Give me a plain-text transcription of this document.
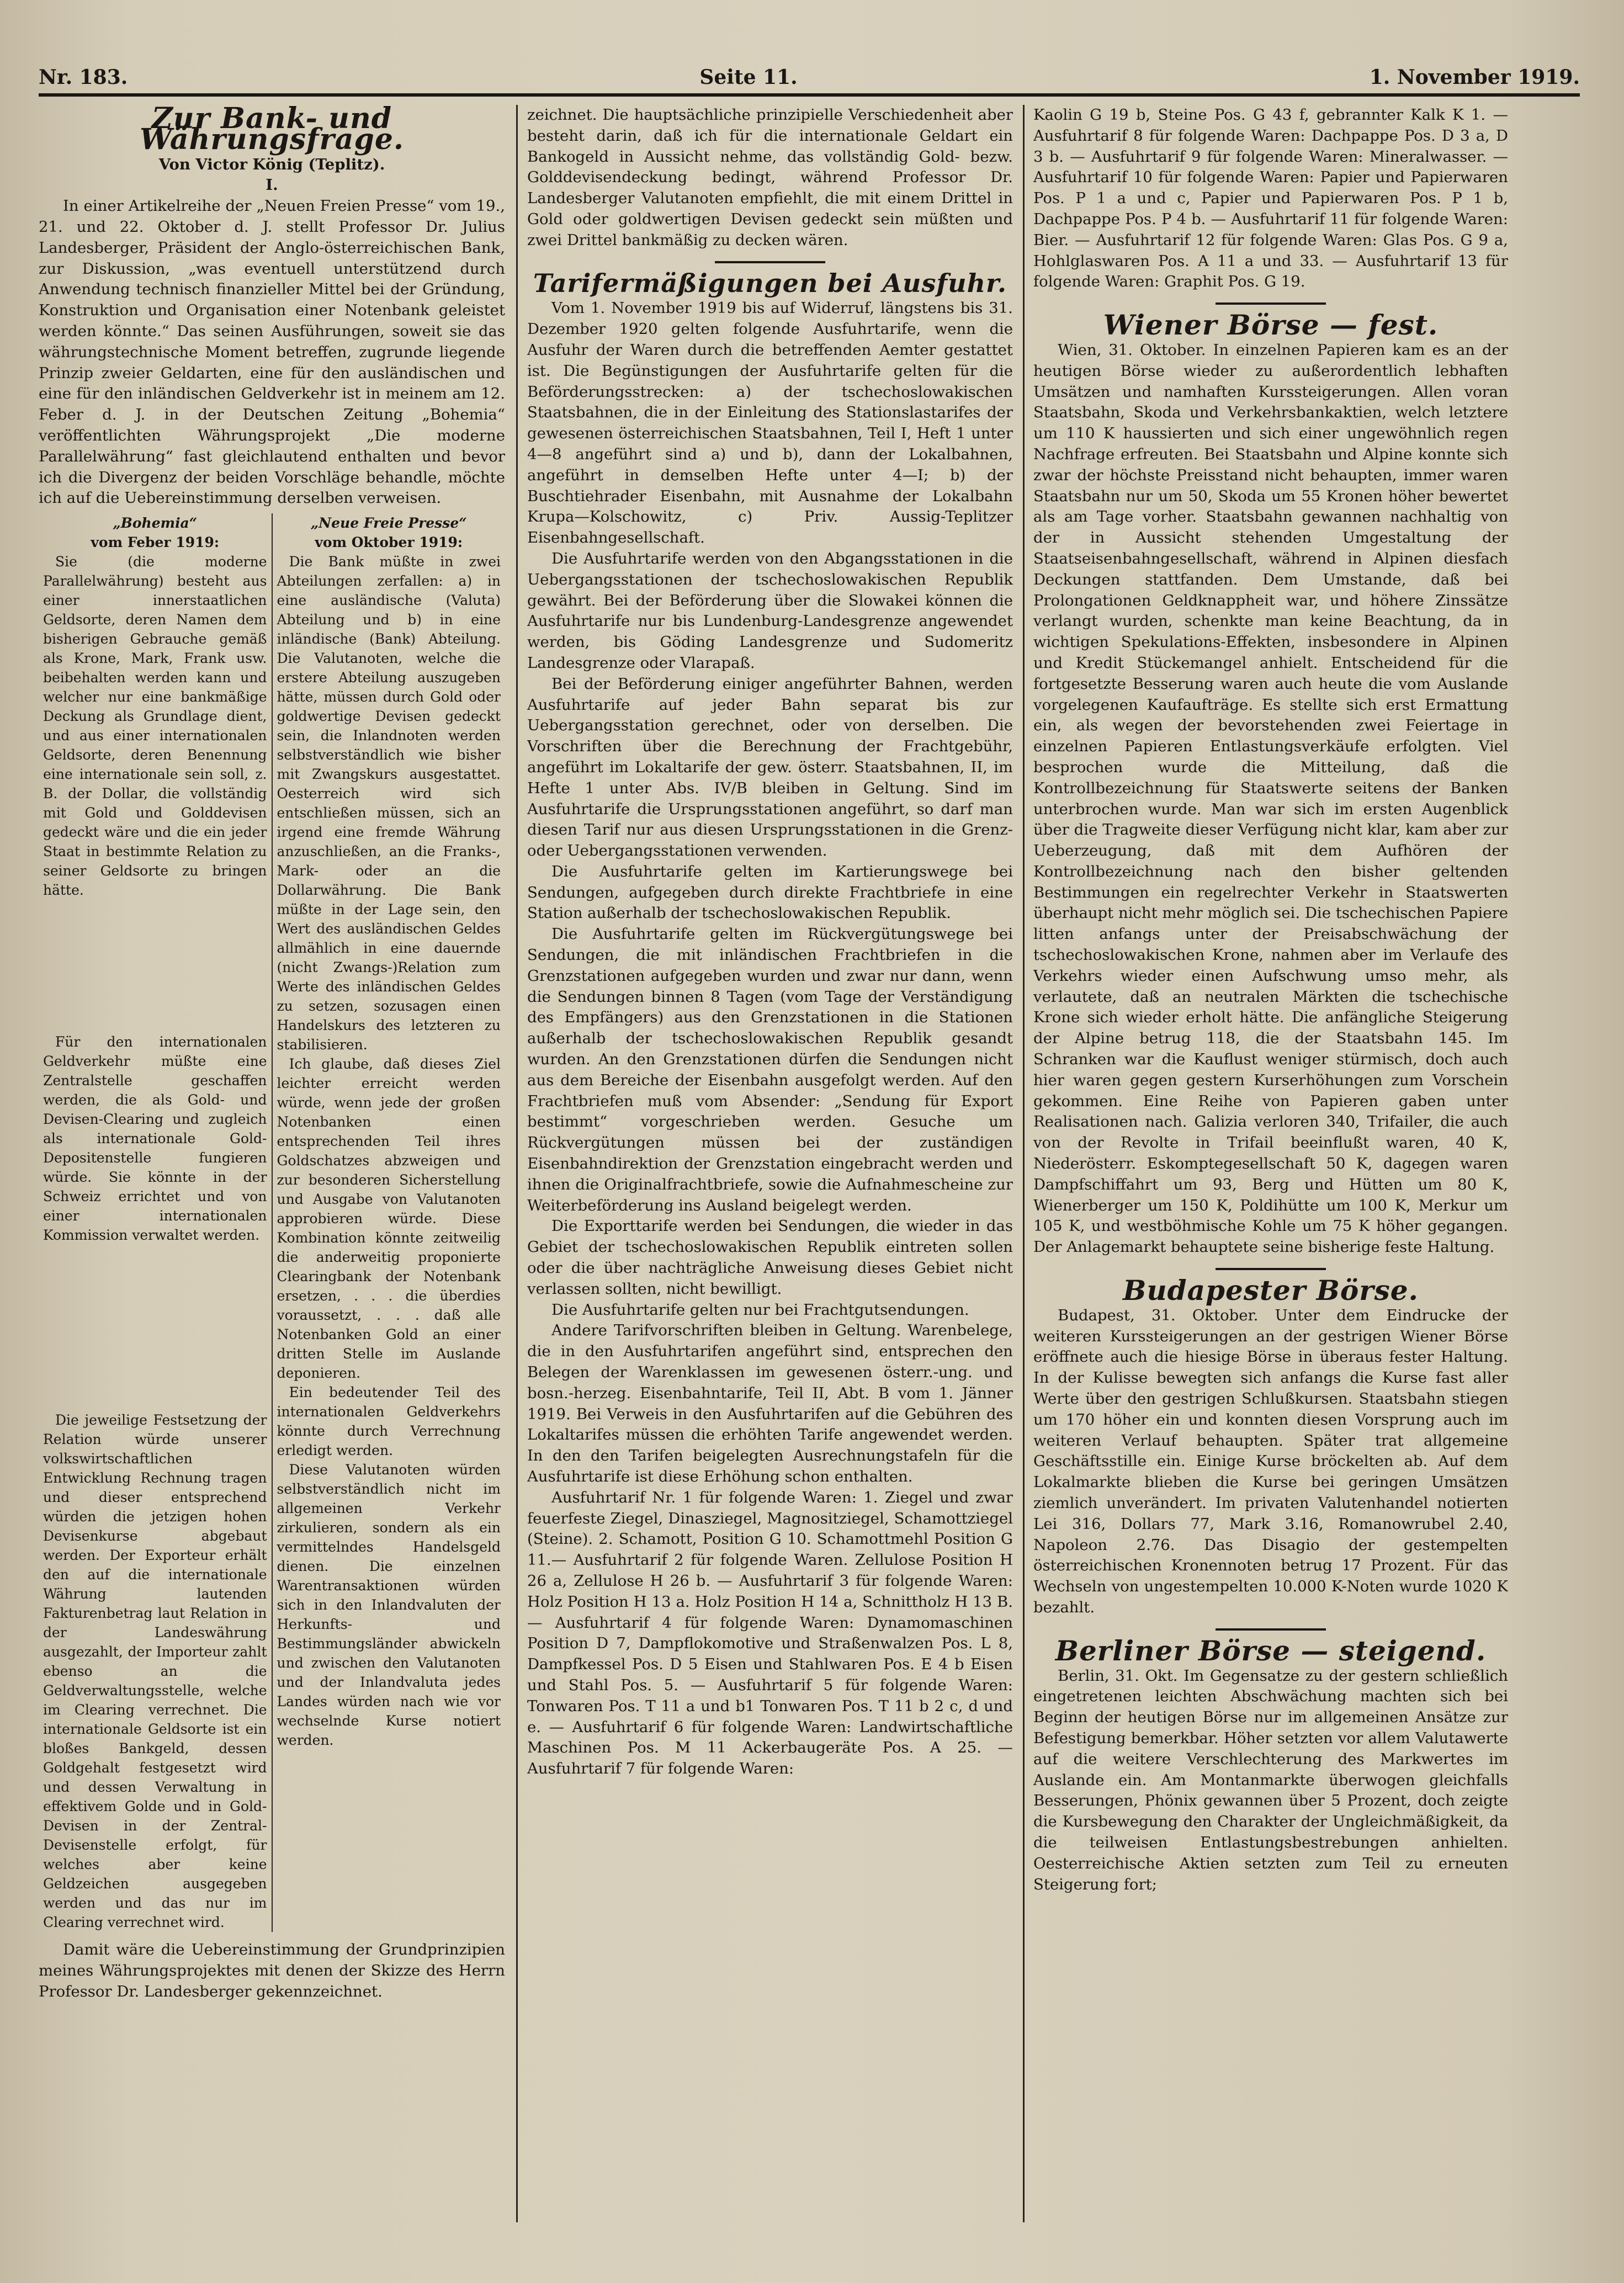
Nr. 183.	Seite 11.	1. November 1919.
Zur Bank- und Währungsfrage.

Von Victor König (Teplitz).

I.

In einer Artikelreihe der „Neuen Freien Presse“ vom 19., 21. und 22. Oktober d. J. stellt Professor Dr. Julius Landesberger, Präsident der Anglo-österreichischen Bank, zur Diskussion, „was eventuell unterstützend durch Anwendung technisch finanzieller Mittel bei der Gründung, Konstruktion und Organisation einer Notenbank geleistet werden könnte.“ Das seinen Ausführungen, soweit sie das währungstechnische Moment betreffen, zugrunde liegende Prinzip zweier Geldarten, eine für den ausländischen und eine für den inländischen Geldverkehr ist in meinem am 12. Feber d. J. in der Deutschen Zeitung „Bohemia“ veröffentlichten Währungsprojekt „Die moderne Parallelwährung“ fast gleichlautend enthalten und bevor ich die Divergenz der beiden Vorschläge behandle, möchte ich auf die Uebereinstimmung derselben verweisen.

„Bohemia“

vom Feber 1919:

Sie (die moderne Parallelwährung) besteht aus einer innerstaatlichen Geldsorte, deren Namen dem bisherigen Gebrauche gemäß als Krone, Mark, Frank usw. beibehalten werden kann und welcher nur eine bankmäßige Deckung als Grundlage dient, und aus einer internationalen Geldsorte, deren Benennung eine internationale sein soll, z. B. der Dollar, die vollständig mit Gold und Golddevisen gedeckt wäre und die ein jeder Staat in bestimmte Relation zu seiner Geldsorte zu bringen hätte.

Für den internationalen Geldverkehr müßte eine Zentralstelle geschaffen werden, die als Gold- und Devisen-Clearing und zugleich als internationale Gold-Depositenstelle fungieren würde. Sie könnte in der Schweiz errichtet und von einer internationalen Kommission verwaltet werden.

Die jeweilige Festsetzung der Relation würde unserer volkswirtschaftlichen Entwicklung Rechnung tragen und dieser entsprechend würden die jetzigen hohen Devisenkurse abgebaut werden. Der Exporteur erhält den auf die internationale Währung lautenden Fakturenbetrag laut Relation in der Landeswährung ausgezahlt, der Importeur zahlt ebenso an die Geldverwaltungsstelle, welche im Clearing verrechnet. Die internationale Geldsorte ist ein bloßes Bankgeld, dessen Goldgehalt festgesetzt wird und dessen Verwaltung in effektivem Golde und in Gold-Devisen in der Zentral-Devisenstelle erfolgt, für welches aber keine Geldzeichen ausgegeben werden und das nur im Clearing verrechnet wird.

„Neue Freie Presse“

vom Oktober 1919:

Die Bank müßte in zwei Abteilungen zerfallen: a) in eine ausländische (Valuta) Abteilung und b) in eine inländische (Bank) Abteilung. Die Valutanoten, welche die erstere Abteilung auszugeben hätte, müssen durch Gold oder goldwertige Devisen gedeckt sein, die Inlandnoten werden selbstverständlich wie bisher mit Zwangskurs ausgestattet. Oesterreich wird sich entschließen müssen, sich an irgend eine fremde Währung anzuschließen, an die Franks-, Mark- oder an die Dollarwährung. Die Bank müßte in der Lage sein, den Wert des ausländischen Geldes allmählich in eine dauernde (nicht Zwangs-)Relation zum Werte des inländischen Geldes zu setzen, sozusagen einen Handelskurs des letzteren zu stabilisieren.

Ich glaube, daß dieses Ziel leichter erreicht werden würde, wenn jede der großen Notenbanken einen entsprechenden Teil ihres Goldschatzes abzweigen und zur besonderen Sicherstellung und Ausgabe von Valutanoten approbieren würde. Diese Kombination könnte zeitweilig die anderweitig proponierte Clearingbank der Notenbank ersetzen, . . . die überdies voraussetzt, . . . daß alle Notenbanken Gold an einer dritten Stelle im Auslande deponieren.

Ein bedeutender Teil des internationalen Geldverkehrs könnte durch Verrechnung erledigt werden.

Diese Valutanoten würden selbstverständlich nicht im allgemeinen Verkehr zirkulieren, sondern als ein vermittelndes Handelsgeld dienen. Die einzelnen Warentransaktionen würden sich in den Inlandvaluten der Herkunfts- und Bestimmungsländer abwickeln und zwischen den Valutanoten und der Inlandvaluta jedes Landes würden nach wie vor wechselnde Kurse notiert werden.

Damit wäre die Uebereinstimmung der Grundprinzipien meines Währungsprojektes mit denen der Skizze des Herrn Professor Dr. Landesberger gekennzeichnet.

zeichnet. Die hauptsächliche prinzipielle Verschiedenheit aber besteht darin, daß ich für die internationale Geldart ein Bankogeld in Aussicht nehme, das vollständig Gold- bezw. Golddevisendeckung bedingt, während Professor Dr. Landesberger Valutanoten empfiehlt, die mit einem Drittel in Gold oder goldwertigen Devisen gedeckt sein müßten und zwei Drittel bankmäßig zu decken wären.

Tarifermäßigungen bei Ausfuhr.

Vom 1. November 1919 bis auf Widerruf, längstens bis 31. Dezember 1920 gelten folgende Ausfuhrtarife, wenn die Ausfuhr der Waren durch die betreffenden Aemter gestattet ist. Die Begünstigungen der Ausfuhrtarife gelten für die Beförderungsstrecken: a) der tschechoslowakischen Staatsbahnen, die in der Einleitung des Stationslastarifes der gewesenen österreichischen Staatsbahnen, Teil I, Heft 1 unter 4—8 angeführt sind a) und b), dann der Lokalbahnen, angeführt in demselben Hefte unter 4—I; b) der Buschtiehrader Eisenbahn, mit Ausnahme der Lokalbahn Krupa—Kolschowitz, c) Priv. Aussig-Teplitzer Eisenbahngesellschaft.

Die Ausfuhrtarife werden von den Abgangsstationen in die Uebergangsstationen der tschechoslowakischen Republik gewährt. Bei der Beförderung über die Slowakei können die Ausfuhrtarife nur bis Lundenburg-Landesgrenze angewendet werden, bis Göding Landesgrenze und Sudomeritz Landesgrenze oder Vlarapaß.

Bei der Beförderung einiger angeführter Bahnen, werden Ausfuhrtarife auf jeder Bahn separat bis zur Uebergangsstation gerechnet, oder von derselben. Die Vorschriften über die Berechnung der Frachtgebühr, angeführt im Lokaltarife der gew. österr. Staatsbahnen, II, im Hefte 1 unter Abs. IV/B bleiben in Geltung. Sind im Ausfuhrtarife die Ursprungsstationen angeführt, so darf man diesen Tarif nur aus diesen Ursprungsstationen in die Grenz- oder Uebergangsstationen verwenden.

Die Ausfuhrtarife gelten im Kartierungswege bei Sendungen, aufgegeben durch direkte Frachtbriefe in eine Station außerhalb der tschechoslowakischen Republik.

Die Ausfuhrtarife gelten im Rückvergütungswege bei Sendungen, die mit inländischen Frachtbriefen in die Grenzstationen aufgegeben wurden und zwar nur dann, wenn die Sendungen binnen 8 Tagen (vom Tage der Verständigung des Empfängers) aus den Grenzstationen in die Stationen außerhalb der tschechoslowakischen Republik gesandt wurden. An den Grenzstationen dürfen die Sendungen nicht aus dem Bereiche der Eisenbahn ausgefolgt werden. Auf den Frachtbriefen muß vom Absender: „Sendung für Export bestimmt“ vorgeschrieben werden. Gesuche um Rückvergütungen müssen bei der zuständigen Eisenbahndirektion der Grenzstation eingebracht werden und ihnen die Originalfrachtbriefe, sowie die Aufnahmescheine zur Weiterbeförderung ins Ausland beigelegt werden.

Die Exporttarife werden bei Sendungen, die wieder in das Gebiet der tschechoslowakischen Republik eintreten sollen oder die über nachträgliche Anweisung dieses Gebiet nicht verlassen sollten, nicht bewilligt.

Die Ausfuhrtarife gelten nur bei Frachtgutsendungen.

Andere Tarifvorschriften bleiben in Geltung. Warenbelege, die in den Ausfuhrtarifen angeführt sind, entsprechen den Belegen der Warenklassen im gewesenen österr.-ung. und bosn.-herzeg. Eisenbahntarife, Teil II, Abt. B vom 1. Jänner 1919. Bei Verweis in den Ausfuhrtarifen auf die Gebühren des Lokaltarifes müssen die erhöhten Tarife angewendet werden. In den den Tarifen beigelegten Ausrechnungstafeln für die Ausfuhrtarife ist diese Erhöhung schon enthalten.

Ausfuhrtarif Nr. 1 für folgende Waren: 1. Ziegel und zwar feuerfeste Ziegel, Dinasziegel, Magnositziegel, Schamottziegel (Steine). 2. Schamott, Position G 10. Schamottmehl Position G 11.— Ausfuhrtarif 2 für folgende Waren. Zellulose Position H 26 a, Zellulose H 26 b. — Ausfuhrtarif 3 für folgende Waren: Holz Position H 13 a. Holz Position H 14 a, Schnittholz H 13 B. — Ausfuhrtarif 4 für folgende Waren: Dynamomaschinen Position D 7, Dampflokomotive und Straßenwalzen Pos. L 8, Dampfkessel Pos. D 5 Eisen und Stahlwaren Pos. E 4 b Eisen und Stahl Pos. 5. — Ausfuhrtarif 5 für folgende Waren: Tonwaren Pos. T 11 a und b1 Tonwaren Pos. T 11 b 2 c, d und e. — Ausfuhrtarif 6 für folgende Waren: Landwirtschaftliche Maschinen Pos. M 11 Ackerbaugeräte Pos. A 25. — Ausfuhrtarif 7 für folgende Waren:

Kaolin G 19 b, Steine Pos. G 43 f, gebrannter Kalk K 1. — Ausfuhrtarif 8 für folgende Waren: Dachpappe Pos. D 3 a, D 3 b. — Ausfuhrtarif 9 für folgende Waren: Mineralwasser. — Ausfuhrtarif 10 für folgende Waren: Papier und Papierwaren Pos. P 1 a und c, Papier und Papierwaren Pos. P 1 b, Dachpappe Pos. P 4 b. — Ausfuhrtarif 11 für folgende Waren: Bier. — Ausfuhrtarif 12 für folgende Waren: Glas Pos. G 9 a, Hohlglaswaren Pos. A 11 a und 33. — Ausfuhrtarif 13 für folgende Waren: Graphit Pos. G 19.

Wiener Börse — fest.

Wien, 31. Oktober. In einzelnen Papieren kam es an der heutigen Börse wieder zu außerordentlich lebhaften Umsätzen und namhaften Kurssteigerungen. Allen voran Staatsbahn, Skoda und Verkehrsbankaktien, welch letztere um 110 K haussierten und sich einer ungewöhnlich regen Nachfrage erfreuten. Bei Staatsbahn und Alpine konnte sich zwar der höchste Preisstand nicht behaupten, immer waren Staatsbahn nur um 50, Skoda um 55 Kronen höher bewertet als am Tage vorher. Staatsbahn gewannen nachhaltig von der in Aussicht stehenden Umgestaltung der Staatseisenbahngesellschaft, während in Alpinen diesfach Deckungen stattfanden. Dem Umstande, daß bei Prolongationen Geldknappheit war, und höhere Zinssätze verlangt wurden, schenkte man keine Beachtung, da in wichtigen Spekulations-Effekten, insbesondere in Alpinen und Kredit Stückemangel anhielt. Entscheidend für die fortgesetzte Besserung waren auch heute die vom Auslande vorgelegenen Kaufaufträge. Es stellte sich erst Ermattung ein, als wegen der bevorstehenden zwei Feiertage in einzelnen Papieren Entlastungsverkäufe erfolgten. Viel besprochen wurde die Mitteilung, daß die Kontrollbezeichnung für Staatswerte seitens der Banken unterbrochen wurde. Man war sich im ersten Augenblick über die Tragweite dieser Verfügung nicht klar, kam aber zur Ueberzeugung, daß mit dem Aufhören der Kontrollbezeichnung nach den bisher geltenden Bestimmungen ein regelrechter Verkehr in Staatswerten überhaupt nicht mehr möglich sei. Die tschechischen Papiere litten anfangs unter der Preisabschwächung der tschechoslowakischen Krone, nahmen aber im Verlaufe des Verkehrs wieder einen Aufschwung umso mehr, als verlautete, daß an neutralen Märkten die tschechische Krone sich wieder erholt hätte. Die anfängliche Steigerung der Alpine betrug 118, die der Staatsbahn 145. Im Schranken war die Kauflust weniger stürmisch, doch auch hier waren gegen gestern Kurserhöhungen zum Vorschein gekommen. Eine Reihe von Papieren gaben unter Realisationen nach. Galizia verloren 340, Trifailer, die auch von der Revolte in Trifail beeinflußt waren, 40 K, Niederösterr. Eskomptegesellschaft 50 K, dagegen waren Dampfschiffahrt um 93, Berg und Hütten um 80 K, Wienerberger um 150 K, Poldihütte um 100 K, Merkur um 105 K, und westböhmische Kohle um 75 K höher gegangen. Der Anlagemarkt behauptete seine bisherige feste Haltung.

Budapester Börse.

Budapest, 31. Oktober. Unter dem Eindrucke der weiteren Kurssteigerungen an der gestrigen Wiener Börse eröffnete auch die hiesige Börse in überaus fester Haltung. In der Kulisse bewegten sich anfangs die Kurse fast aller Werte über den gestrigen Schlußkursen. Staatsbahn stiegen um 170 höher ein und konnten diesen Vorsprung auch im weiteren Verlauf behaupten. Später trat allgemeine Geschäftsstille ein. Einige Kurse bröckelten ab. Auf dem Lokalmarkte blieben die Kurse bei geringen Umsätzen ziemlich unverändert. Im privaten Valutenhandel notierten Lei 316, Dollars 77, Mark 3.16, Romanowrubel 2.40, Napoleon 2.76. Das Disagio der gestempelten österreichischen Kronennoten betrug 17 Prozent. Für das Wechseln von ungestempelten 10.000 K-Noten wurde 1020 K bezahlt.

Berliner Börse — steigend.

Berlin, 31. Okt. Im Gegensatze zu der gestern schließlich eingetretenen leichten Abschwächung machten sich bei Beginn der heutigen Börse nur im allgemeinen Ansätze zur Befestigung bemerkbar. Höher setzten vor allem Valutawerte auf die weitere Verschlechterung des Markwertes im Auslande ein. Am Montanmarkte überwogen gleichfalls Besserungen, Phönix gewannen über 5 Prozent, doch zeigte die Kursbewegung den Charakter der Ungleichmäßigkeit, da die teilweisen Entlastungsbestrebungen anhielten. Oesterreichische Aktien setzten zum Teil zu erneuten Steigerung fort;
